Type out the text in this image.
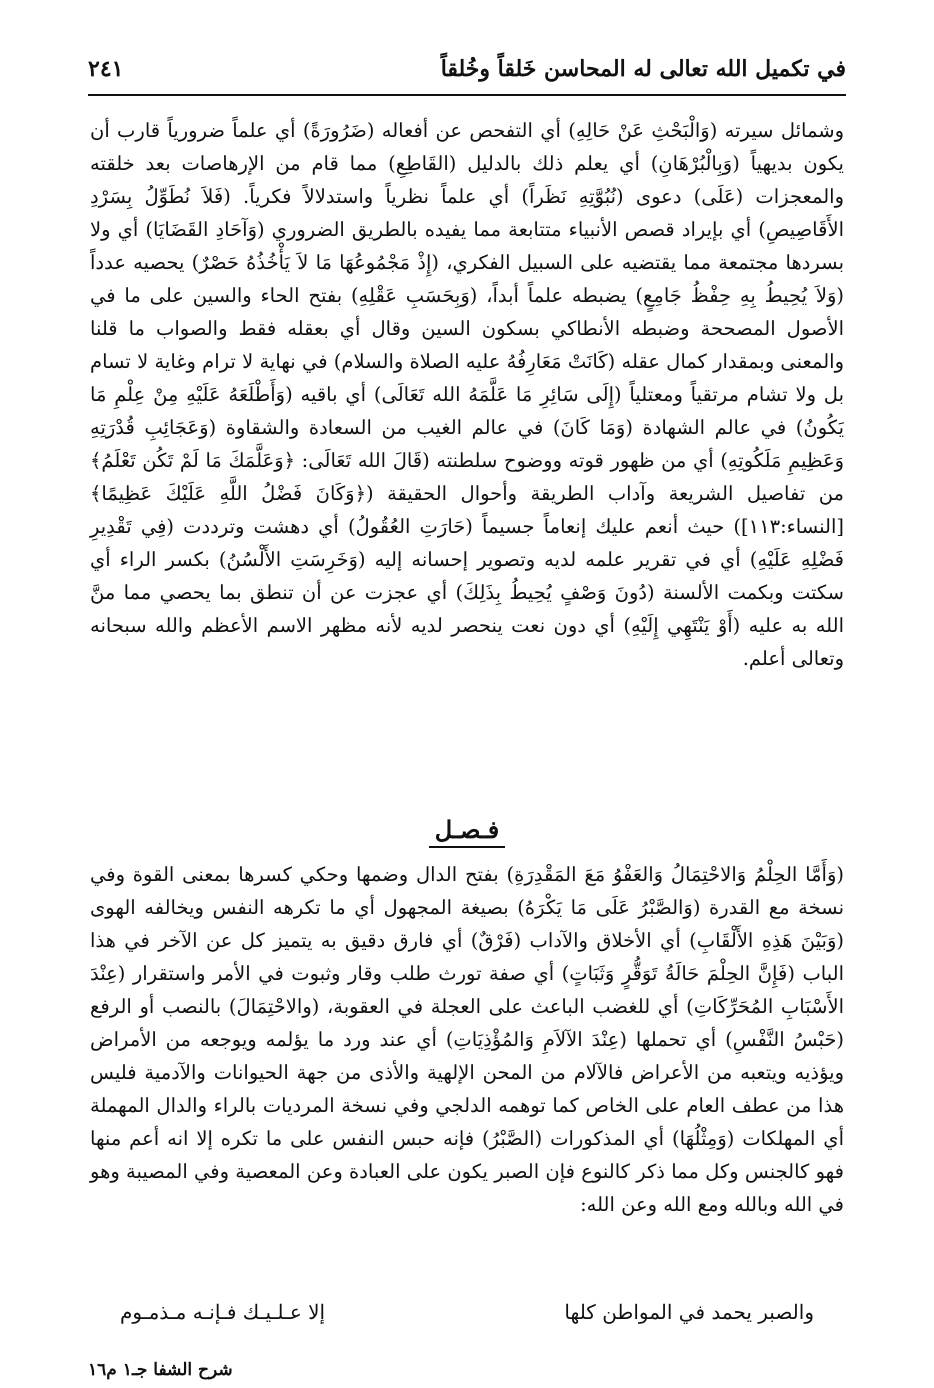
في تكميل الله تعالى له المحاسن خَلقاً وخُلقاً
٢٤١

وشمائل سيرته (وَالْبَحْثِ عَنْ حَالِهِ) أي التفحص عن أفعاله (ضَرُورَةً) أي علماً ضرورياً قارب أن يكون بديهياً (وَبِالْبُرْهَانِ) أي يعلم ذلك بالدليل (القَاطِعِ) مما قام من الإرهاصات بعد خلقته والمعجزات (عَلَى) دعوى (نُبُوَّتِهِ نَظَراً) أي علماً نظرياً واستدلالاً فكرياً. (فَلاَ نُطَوِّلُ بِسَرْدِ الأَقَاصِيصِ) أي بإيراد قصص الأنبياء متتابعة مما يفيده بالطريق الضروري (وَآحَادِ القَضَايَا) أي ولا بسردها مجتمعة مما يقتضيه على السبيل الفكري، (إِذْ مَجْمُوعُهَا مَا لاَ يَأْخُذُهُ حَصْرٌ) يحصيه عدداً (وَلاَ يُحِيطُ بِهِ حِفْظُ جَامِعٍ) يضبطه علماً أبداً، (وَبِحَسَبِ عَقْلِهِ) بفتح الحاء والسين على ما في الأصول المصححة وضبطه الأنطاكي بسكون السين وقال أي بعقله فقط والصواب ما قلنا والمعنى وبمقدار كمال عقله (كَانَتْ مَعَارِفُهُ عليه الصلاة والسلام) في نهاية لا ترام وغاية لا تسام بل ولا تشام مرتقياً ومعتلياً (إِلَى سَائِرِ مَا عَلَّمَهُ الله تَعَالَى) أي باقيه (وَأَطْلَعَهُ عَلَيْهِ مِنْ عِلْمِ مَا يَكُونُ) في عالم الشهادة (وَمَا كَانَ) في عالم الغيب من السعادة والشقاوة (وَعَجَائِبِ قُدْرَتِهِ وَعَظِيمِ مَلَكُوتِهِ) أي من ظهور قوته ووضوح سلطنته (قَالَ الله تَعَالَى: ﴿وَعَلَّمَكَ مَا لَمْ تَكُن تَعْلَمُ﴾ من تفاصيل الشريعة وآداب الطريقة وأحوال الحقيقة (﴿وَكَانَ فَضْلُ اللَّهِ عَلَيْكَ عَظِيمًا﴾ [النساء:١١٣]) حيث أنعم عليك إنعاماً جسيماً (حَارَتِ العُقُولُ) أي دهشت وترددت (فِي تَقْدِيرِ فَضْلِهِ عَلَيْهِ) أي في تقرير علمه لديه وتصوير إحسانه إليه (وَخَرِسَتِ الأَلْسُنُ) بكسر الراء أي سكتت وبكمت الألسنة (دُونَ وَصْفٍ يُحِيطُ بِذَلِكَ) أي عجزت عن أن تنطق بما يحصي مما منَّ الله به عليه (أَوْ يَنْتَهِي إِلَيْهِ) أي دون نعت ينحصر لديه لأنه مظهر الاسم الأعظم والله سبحانه وتعالى أعلم.

فـصـل

(وَأَمَّا الحِلْمُ وَالاحْتِمَالُ وَالعَفْوُ مَعَ المَقْدِرَةِ) بفتح الدال وضمها وحكي كسرها بمعنى القوة وفي نسخة مع القدرة (وَالصَّبْرُ عَلَى مَا يَكْرَهُ) بصيغة المجهول أي ما تكرهه النفس ويخالفه الهوى (وَبَيْنَ هَذِهِ الأَلْقَابِ) أي الأخلاق والآداب (فَرْقٌ) أي فارق دقيق به يتميز كل عن الآخر في هذا الباب (فَإِنَّ الحِلْمَ حَالَةُ تَوَقُّرٍ وَثَبَاتٍ) أي صفة تورث طلب وقار وثبوت في الأمر واستقرار (عِنْدَ الأَسْبَابِ المُحَرِّكَاتِ) أي للغضب الباعث على العجلة في العقوبة، (والاحْتِمَالَ) بالنصب أو الرفع (حَبْسُ النَّفْسِ) أي تحملها (عِنْدَ الآلاَمِ وَالمُؤْذِيَاتِ) أي عند ورد ما يؤلمه ويوجعه من الأمراض ويؤذيه ويتعبه من الأعراض فالآلام من المحن الإلهية والأذى من جهة الحيوانات والآدمية فليس هذا من عطف العام على الخاص كما توهمه الدلجي وفي نسخة المرديات بالراء والدال المهملة أي المهلكات (وَمِثْلُهَا) أي المذكورات (الصَّبْرُ) فإنه حبس النفس على ما تكره إلا انه أعم منها فهو كالجنس وكل مما ذكر كالنوع فإن الصبر يكون على العبادة وعن المعصية وفي المصيبة وهو في الله وبالله ومع الله وعن الله:

والصبر يحمد في المواطن كلها
إلا عـلـيـك فـإنـه مـذمـوم
شرح الشفا جـ١ م١٦
